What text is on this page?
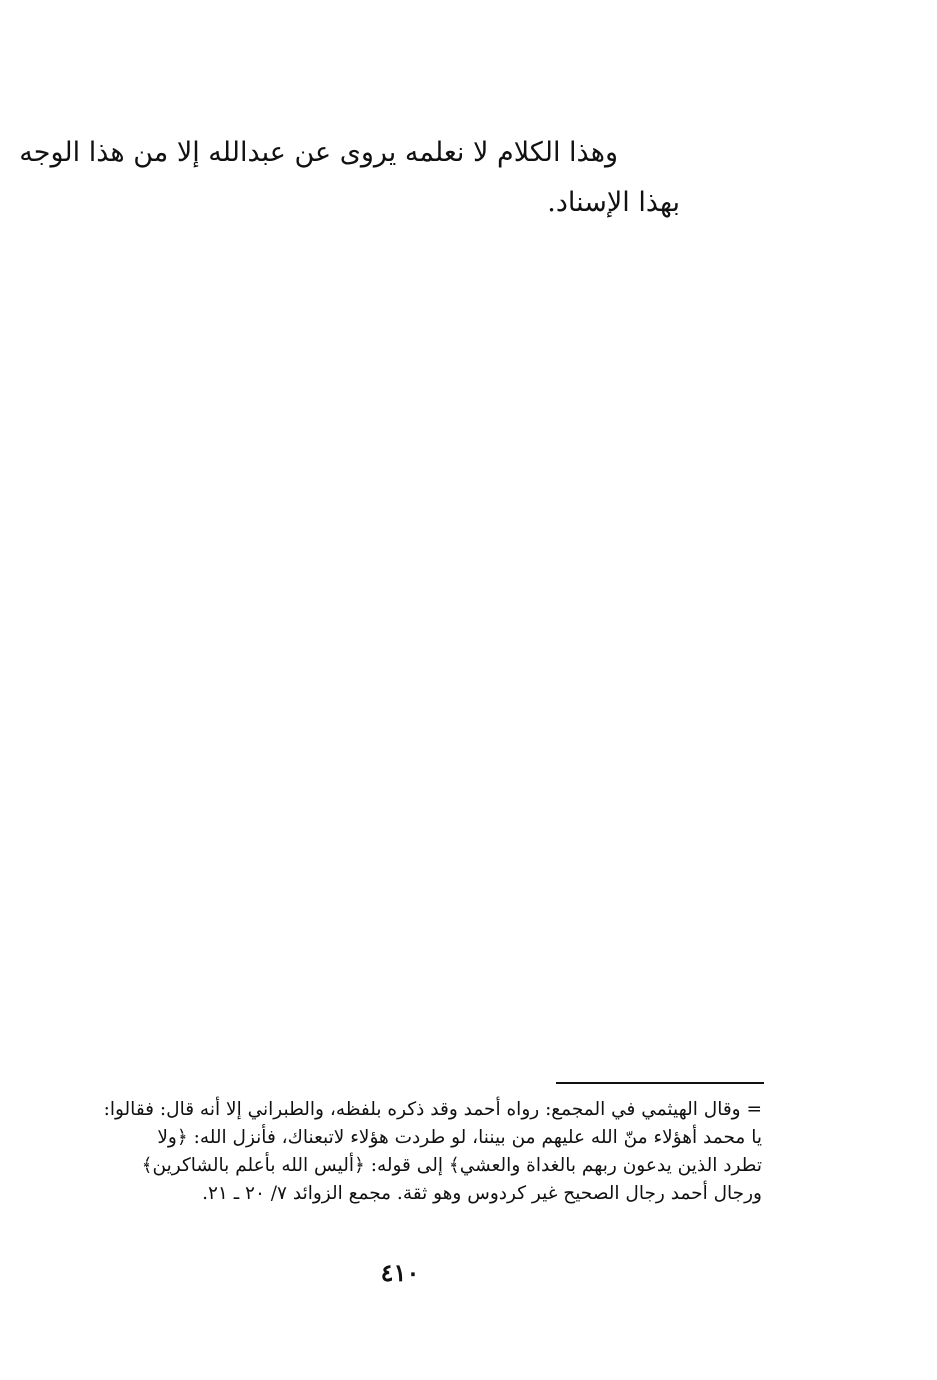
وهذا الكلام لا نعلمه يروى عن عبدالله إلا من هذا الوجه
بهذا الإسناد.
= وقال الهيثمي في المجمع: رواه أحمد وقد ذكره بلفظه، والطبراني إلا أنه قال: فقالوا:
يا محمد أهؤلاء منّ الله عليهم من بيننا، لو طردت هؤلاء لاتبعناك، فأنزل الله: ﴿ولا
تطرد الذين يدعون ربهم بالغداة والعشي﴾ إلى قوله: ﴿أليس الله بأعلم بالشاكرين﴾
ورجال أحمد رجال الصحيح غير كردوس وهو ثقة. مجمع الزوائد ٧/ ٢٠ ـ ٢١.
٤١٠
